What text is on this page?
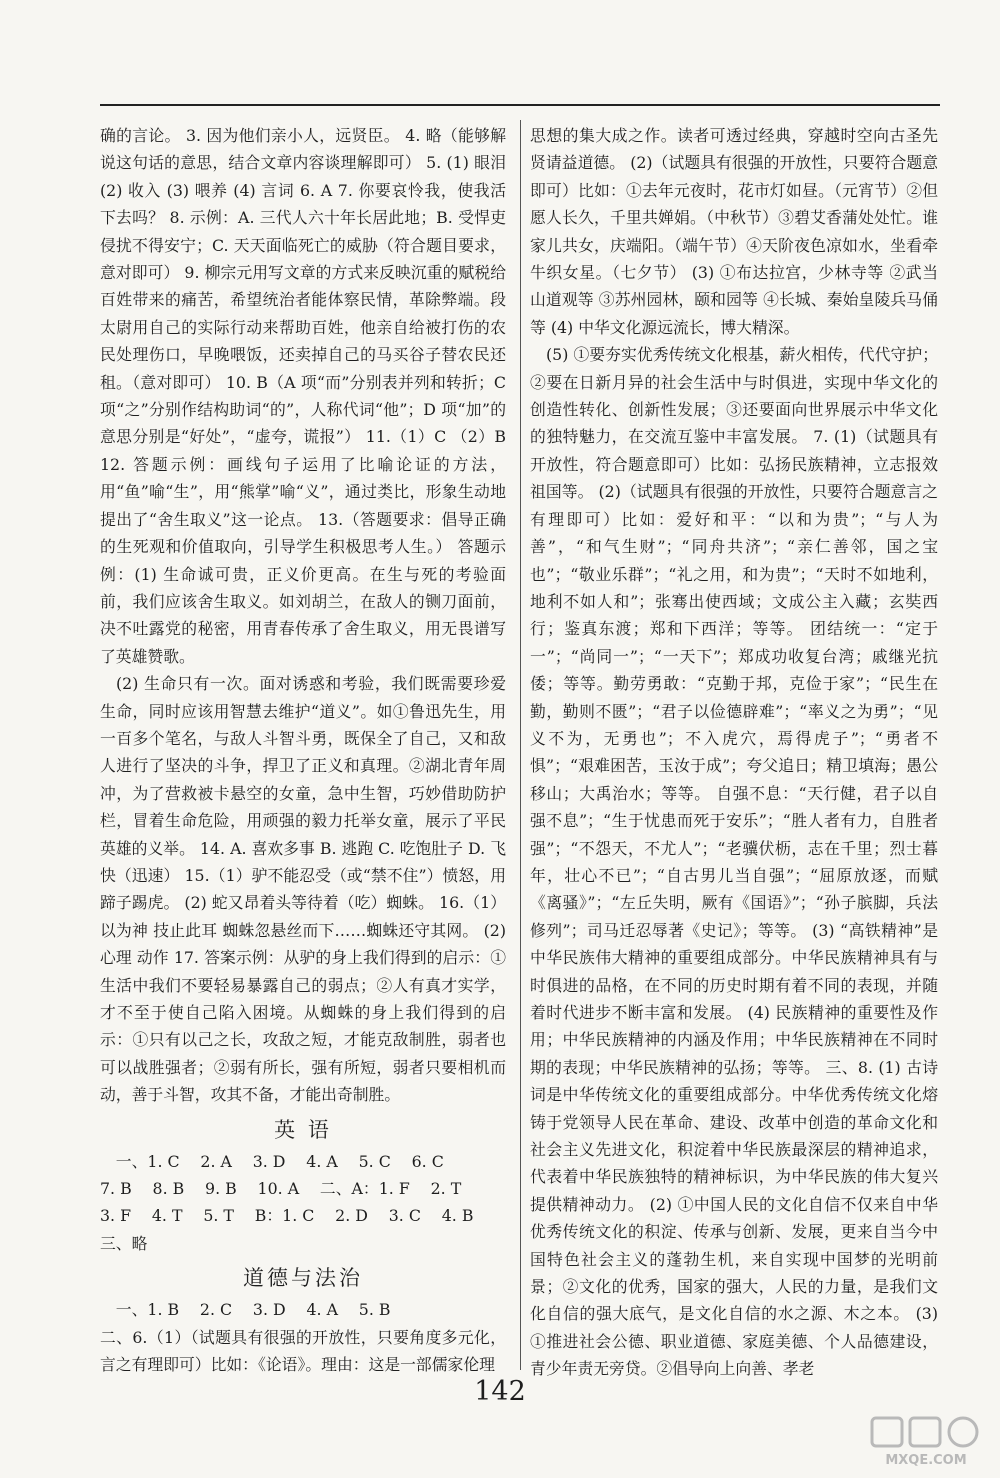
确的言论。 3. 因为他们亲小人，远贤臣。 4. 略（能够解说这句话的意思，结合文章内容谈理解即可） 5. (1) 眼泪 (2) 收入 (3) 喂养 (4) 言词 6. A 7. 你要哀怜我，使我活下去吗？ 8. 示例：A. 三代人六十年长居此地；B. 受悍吏侵扰不得安宁；C. 天天面临死亡的威胁（符合题目要求，意对即可） 9. 柳宗元用写文章的方式来反映沉重的赋税给百姓带来的痛苦，希望统治者能体察民情，革除弊端。段太尉用自己的实际行动来帮助百姓，他亲自给被打伤的农民处理伤口，早晚喂饭，还卖掉自己的马买谷子替农民还租。（意对即可） 10. B（A 项“而”分别表并列和转折；C 项“之”分别作结构助词“的”，人称代词“他”；D 项“加”的意思分别是“好处”，“虚夸，谎报”） 11.（1）C （2）B 12. 答题示例：画线句子运用了比喻论证的方法，用“鱼”喻“生”，用“熊掌”喻“义”，通过类比，形象生动地提出了“舍生取义”这一论点。 13.（答题要求：倡导正确的生死观和价值取向，引导学生积极思考人生。） 答题示例：(1) 生命诚可贵，正义价更高。在生与死的考验面前，我们应该舍生取义。如刘胡兰，在敌人的铡刀面前，决不吐露党的秘密，用青春传承了舍生取义，用无畏谱写了英雄赞歌。

(2) 生命只有一次。面对诱惑和考验，我们既需要珍爱生命，同时应该用智慧去维护“道义”。如①鲁迅先生，用一百多个笔名，与敌人斗智斗勇，既保全了自己，又和敌人进行了坚决的斗争，捍卫了正义和真理。②湖北青年周冲，为了营救被卡悬空的女童，急中生智，巧妙借助防护栏，冒着生命危险，用顽强的毅力托举女童，展示了平民英雄的义举。 14. A. 喜欢多事 B. 逃跑 C. 吃饱肚子 D. 飞快（迅速） 15.（1）驴不能忍受（或“禁不住”）愤怒，用蹄子踢虎。 (2) 蛇又昂着头等待着（吃）蜘蛛。 16.（1）以为神 技止此耳 蜘蛛忽悬丝而下……蜘蛛还守其网。 (2) 心理 动作 17. 答案示例：从驴的身上我们得到的启示：①生活中我们不要轻易暴露自己的弱点；②人有真才实学，才不至于使自己陷入困境。从蜘蛛的身上我们得到的启示：①只有以己之长，攻敌之短，才能克敌制胜，弱者也可以战胜强者；②弱有所长，强有所短，弱者只要相机而动，善于斗智，攻其不备，才能出奇制胜。

英 语
　一、1. C　 2. A　 3. D　 4. A　 5. C　 6. C
7. B　 8. B　 9. B　 10. A　 二、A：1. F　 2. T
3. F　 4. T　 5. T　 B：1. C　 2. D　 3. C　 4. B
三、略
道德与法治
　一、1. B　 2. C　 3. D　 4. A　 5. B

二、6.（1）（试题具有很强的开放性，只要角度多元化，言之有理即可）比如：《论语》。理由：这是一部儒家伦理

思想的集大成之作。读者可透过经典，穿越时空向古圣先贤请益道德。 (2)（试题具有很强的开放性，只要符合题意即可）比如：①去年元夜时，花市灯如昼。（元宵节）②但愿人长久，千里共婵娟。（中秋节）③碧艾香蒲处处忙。谁家儿共女，庆端阳。（端午节）④天阶夜色凉如水，坐看牵牛织女星。（七夕节） (3) ①布达拉宫，少林寺等 ②武当山道观等 ③苏州园林，颐和园等 ④长城、秦始皇陵兵马俑等 (4) 中华文化源远流长，博大精深。

(5) ①要夯实优秀传统文化根基，薪火相传，代代守护；②要在日新月异的社会生活中与时俱进，实现中华文化的创造性转化、创新性发展；③还要面向世界展示中华文化的独特魅力，在交流互鉴中丰富发展。 7. (1)（试题具有开放性，符合题意即可）比如：弘扬民族精神，立志报效祖国等。 (2)（试题具有很强的开放性，只要符合题意言之有理即可）比如：爱好和平：“以和为贵”；“与人为善”，“和气生财”；“同舟共济”；“亲仁善邻，国之宝也”；“敬业乐群”；“礼之用，和为贵”；“天时不如地利，地利不如人和”；张骞出使西域；文成公主入藏；玄奘西行；鉴真东渡；郑和下西洋；等等。 团结统一：“定于一”；“尚同一”；“一天下”；郑成功收复台湾；戚继光抗倭；等等。勤劳勇敢：“克勤于邦，克俭于家”；“民生在勤，勤则不匮”；“君子以俭德辟难”；“率义之为勇”；“见义不为，无勇也”；不入虎穴，焉得虎子”；“勇者不惧”；“艰难困苦，玉汝于成”；夸父追日；精卫填海；愚公移山；大禹治水；等等。 自强不息：“天行健，君子以自强不息”；“生于忧患而死于安乐”；“胜人者有力，自胜者强”；“不怨天，不尤人”；“老骥伏枥，志在千里；烈士暮年，壮心不已”；“自古男儿当自强”；“屈原放逐，而赋《离骚》”；“左丘失明，厥有《国语》”；“孙子膑脚，兵法修列”；司马迁忍辱著《史记》；等等。 (3) “高铁精神”是中华民族伟大精神的重要组成部分。中华民族精神具有与时俱进的品格，在不同的历史时期有着不同的表现，并随着时代进步不断丰富和发展。 (4) 民族精神的重要性及作用；中华民族精神的内涵及作用；中华民族精神在不同时期的表现；中华民族精神的弘扬；等等。 三、8. (1) 古诗词是中华传统文化的重要组成部分。中华优秀传统文化熔铸于党领导人民在革命、建设、改革中创造的革命文化和社会主义先进文化，积淀着中华民族最深层的精神追求，代表着中华民族独特的精神标识，为中华民族的伟大复兴提供精神动力。 (2) ①中国人民的文化自信不仅来自中华优秀传统文化的积淀、传承与创新、发展，更来自当今中国特色社会主义的蓬勃生机，来自实现中国梦的光明前景；②文化的优秀，国家的强大，人民的力量，是我们文化自信的强大底气，是文化自信的水之源、木之本。 (3) ①推进社会公德、职业道德、家庭美德、个人品德建设，青少年责无旁贷。②倡导向上向善、孝老

142
MXQE.COM
